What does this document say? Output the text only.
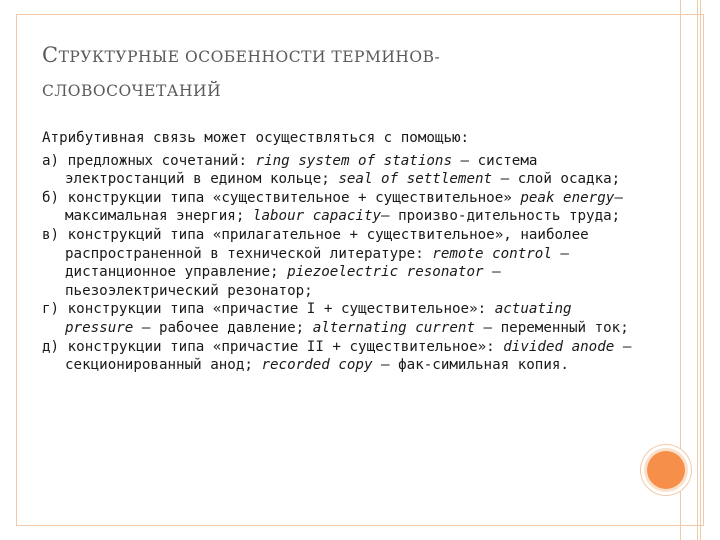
СТРУКТУРНЫЕ ОСОБЕННОСТИ ТЕРМИНОВ-
СЛОВОСОЧЕТАНИЙ
Атрибутивная связь может осуществляться с помощью:
а) предложных сочетаний: ring system of stations — система электростанций в едином кольце; seal of settlement — слой осадка;
б) конструкции типа «существительное + существительное» peak energy—максимальная энергия; labour capacity— произво-дительность труда;
в) конструкций типа «прилагательное + существительное», наиболее распространенной в технической литературе: remote control — дистанционное управление; piezoelectric resonator — пьезоэлектрический резонатор;
г) конструкции типа «причастие I + существительное»: actuating pressure — рабочее давление; alternating current — переменный ток;
д) конструкции типа «причастие II + существительное»: divided anode — секционированный анод; recorded copy — фак-симильная копия.
